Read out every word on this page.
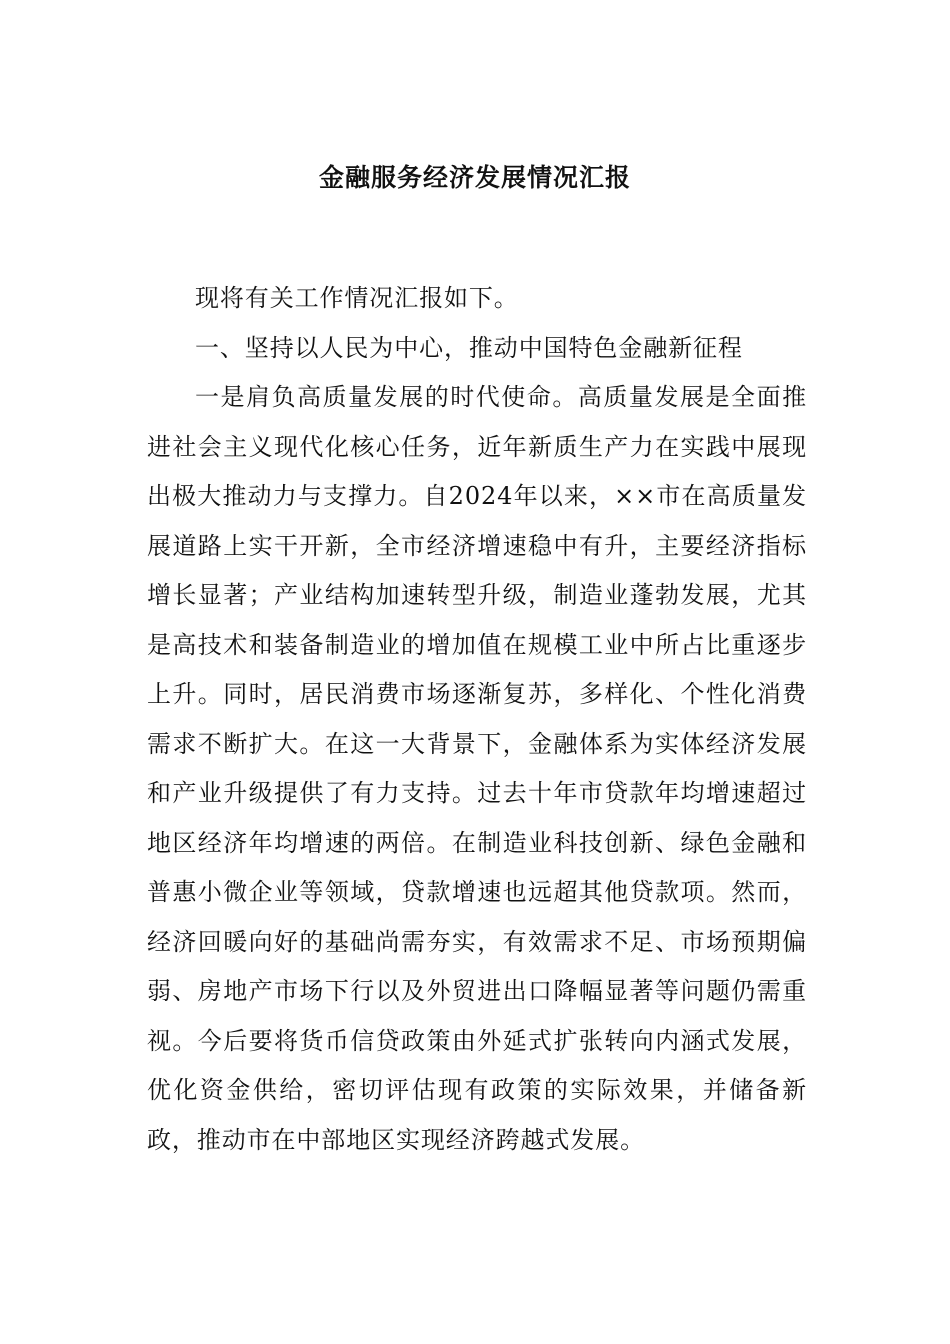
金融服务经济发展情况汇报

现将有关工作情况汇报如下。

一、坚持以人民为中心，推动中国特色金融新征程

一是肩负高质量发展的时代使命。高质量发展是全面推进社会主义现代化核心任务，近年新质生产力在实践中展现出极大推动力与支撑力。自2024年以来，××市在高质量发展道路上实干开新，全市经济增速稳中有升，主要经济指标增长显著；产业结构加速转型升级，制造业蓬勃发展，尤其是高技术和装备制造业的增加值在规模工业中所占比重逐步上升。同时，居民消费市场逐渐复苏，多样化、个性化消费需求不断扩大。在这一大背景下，金融体系为实体经济发展和产业升级提供了有力支持。过去十年市贷款年均增速超过地区经济年均增速的两倍。在制造业科技创新、绿色金融和普惠小微企业等领域，贷款增速也远超其他贷款项。然而，经济回暖向好的基础尚需夯实，有效需求不足、市场预期偏弱、房地产市场下行以及外贸进出口降幅显著等问题仍需重视。今后要将货币信贷政策由外延式扩张转向内涵式发展，优化资金供给，密切评估现有政策的实际效果，并储备新政，推动市在中部地区实现经济跨越式发展。
